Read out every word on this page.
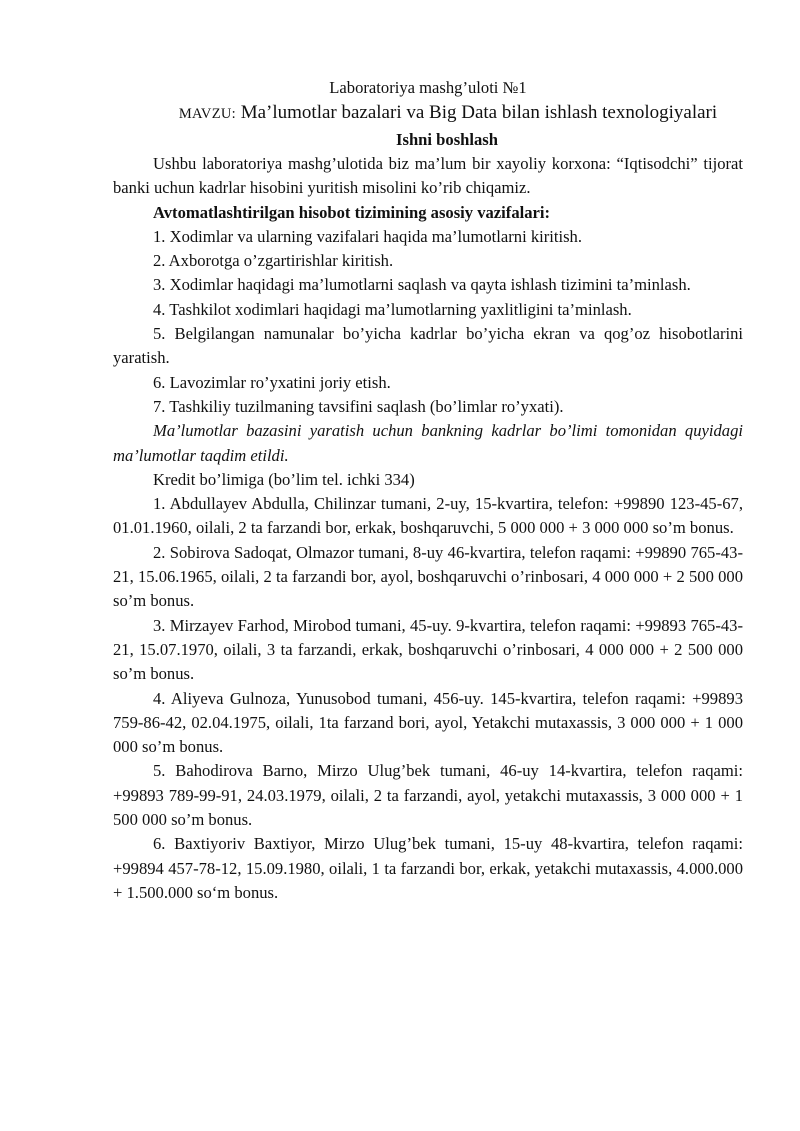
Laboratoriya mashg’uloti №1
MAVZU: Ma’lumotlar bazalari va Big Data bilan ishlash texnologiyalari
Ishni boshlash

Ushbu laboratoriya mashg’ulotida biz ma’lum bir xayoliy korxona: “Iqtisodchi” tijorat banki uchun kadrlar hisobini yuritish misolini ko’rib chiqamiz.

Avtomatlashtirilgan hisobot tizimining asosiy vazifalari:

1. Xodimlar va ularning vazifalari haqida ma’lumotlarni kiritish.

2. Axborotga o’zgartirishlar kiritish.

3. Xodimlar haqidagi ma’lumotlarni saqlash va qayta ishlash tizimini ta’minlash.

4. Tashkilot xodimlari haqidagi ma’lumotlarning yaxlitligini ta’minlash.

5. Belgilangan namunalar bo’yicha kadrlar bo’yicha ekran va qog’oz hisobotlarini yaratish.

6. Lavozimlar ro’yxatini joriy etish.

7. Tashkiliy tuzilmaning tavsifini saqlash (bo’limlar ro’yxati).

Ma’lumotlar bazasini yaratish uchun bankning kadrlar bo’limi tomonidan quyidagi ma’lumotlar taqdim etildi.

Kredit bo’limiga (bo’lim tel. ichki 334)

1. Abdullayev Abdulla, Chilinzar tumani, 2-uy, 15-kvartira, telefon: +99890 123-45-67, 01.01.1960, oilali, 2 ta farzandi bor, erkak, boshqaruvchi, 5 000 000 + 3 000 000 so’m bonus.

2. Sobirova Sadoqat, Olmazor tumani, 8-uy 46-kvartira, telefon raqami: +99890 765-43-21, 15.06.1965, oilali, 2 ta farzandi bor, ayol, boshqaruvchi o’rinbosari, 4 000 000 + 2 500 000 so’m bonus.

3. Mirzayev Farhod, Mirobod tumani, 45-uy. 9-kvartira, telefon raqami: +99893 765-43-21, 15.07.1970, oilali, 3 ta farzandi, erkak, boshqaruvchi o’rinbosari, 4 000 000 + 2 500 000 so’m bonus.

4. Aliyeva Gulnoza, Yunusobod tumani, 456-uy. 145-kvartira, telefon raqami: +99893 759-86-42, 02.04.1975, oilali, 1ta farzand bori, ayol, Yetakchi mutaxassis, 3 000 000 + 1 000 000 so’m bonus.

5. Bahodirova Barno, Mirzo Ulug’bek tumani, 46-uy 14-kvartira, telefon raqami: +99893 789-99-91, 24.03.1979, oilali, 2 ta farzandi, ayol, yetakchi mutaxassis, 3 000 000 + 1 500 000 so’m bonus.

6. Baxtiyoriv Baxtiyor, Mirzo Ulug’bek tumani, 15-uy 48-kvartira, telefon raqami: +99894 457-78-12, 15.09.1980, oilali, 1 ta farzandi bor, erkak, yetakchi mutaxassis, 4.000.000 + 1.500.000 so‘m bonus.
